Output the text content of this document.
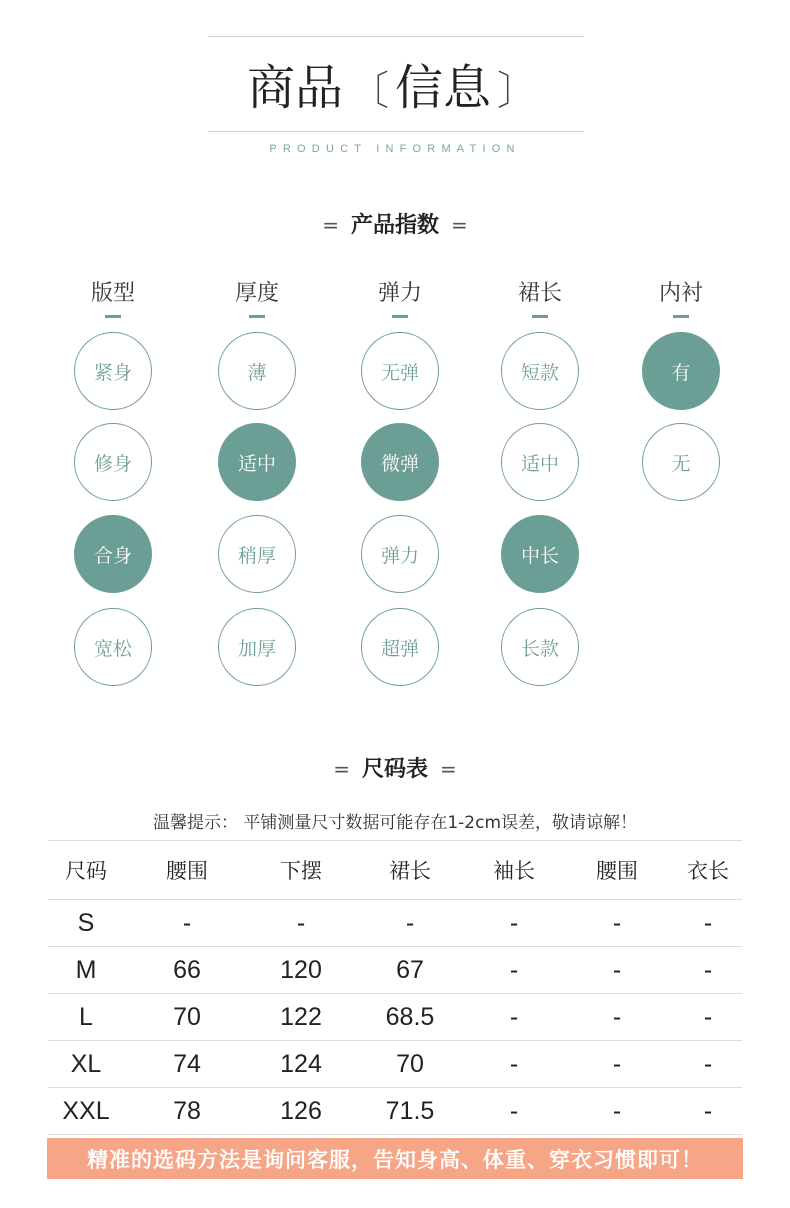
商品 〔 信息 〕
PRODUCT INFORMATION
= 产品指数 =
版型
紧身
修身
合身
宽松
厚度
薄
适中
稍厚
加厚
弹力
无弹
微弹
弹力
超弹
裙长
短款
适中
中长
长款
内衬
有
无
= 尺码表 =
温馨提示： 平铺测量尺寸数据可能存在1-2cm误差，敬请谅解！
尺码	腰围	下摆	裙长	袖长	腰围	衣长
S	-	-	-	-	-	-
M	66	120	67	-	-	-
L	70	122	68.5	-	-	-
XL	74	124	70	-	-	-
XXL	78	126	71.5	-	-	-
精准的选码方法是询问客服，告知身高、体重、穿衣习惯即可！
